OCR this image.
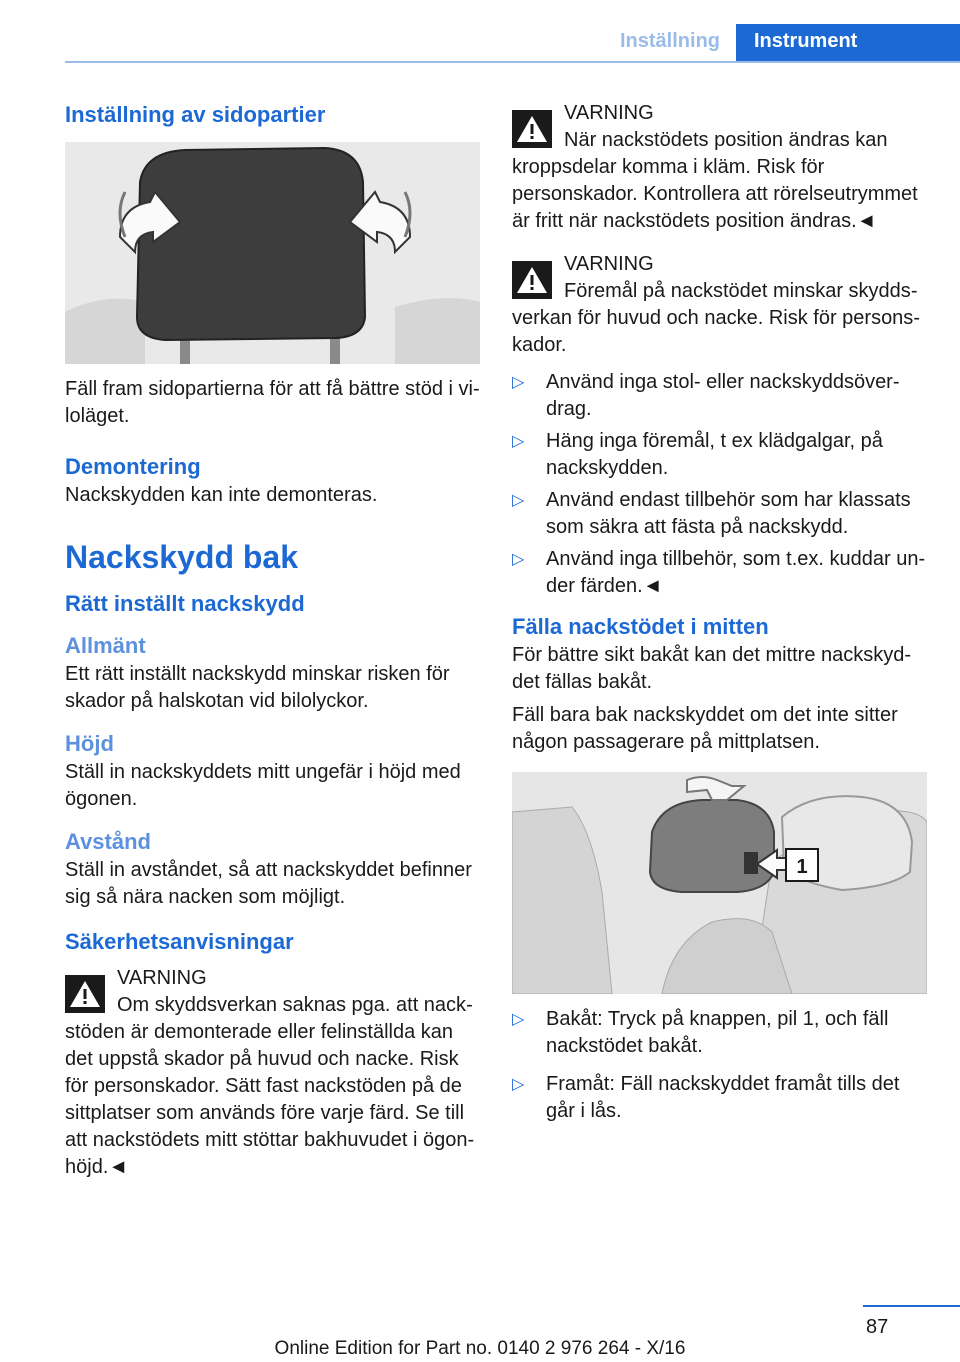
Inställning	Instrument
Inställning av sidopartier

Fäll fram sidopartierna för att få bättre stöd i viloläget.

Demontering

Nackskydden kan inte demonteras.

Nackskydd bak
Rätt inställt nackskydd
Allmänt

Ett rätt inställt nackskydd minskar risken för skador på halskotan vid bilolyckor.

Höjd

Ställ in nackskyddets mitt ungefär i höjd med ögonen.

Avstånd

Ställ in avståndet, så att nackskyddet befinner sig så nära nacken som möjligt.

Säkerhetsanvisningar

VARNING

Om skyddsverkan saknas pga. att nackstöden är demonterade eller felinställda kan det uppstå skador på huvud och nacke. Risk för personskador. Sätt fast nackstöden på de sittplatser som används före varje färd. Se till att nackstödets mitt stöttar bakhuvudet i ögonhöjd.◄

VARNING

När nackstödets position ändras kan kroppsdelar komma i kläm. Risk för personskador. Kontrollera att rörelseutrymmet är fritt när nackstödets position ändras.◄

VARNING

Föremål på nackstödet minskar skyddsverkan för huvud och nacke. Risk för personskador.

▷ Använd inga stol- eller nackskyddsöverdrag.
▷ Häng inga föremål, t ex klädgalgar, på nackskydden.
▷ Använd endast tillbehör som har klassats som säkra att fästa på nackskydd.
▷ Använd inga tillbehör, som t.ex. kuddar under färden.◄
Fälla nackstödet i mitten

För bättre sikt bakåt kan det mittre nackskyddet fällas bakåt.

Fäll bara bak nackskyddet om det inte sitter någon passagerare på mittplatsen.

1
▷ Bakåt: Tryck på knappen, pil 1, och fäll nackstödet bakåt.
▷ Framåt: Fäll nackskyddet framåt tills det går i lås.
87
Online Edition for Part no. 0140 2 976 264 - X/16
